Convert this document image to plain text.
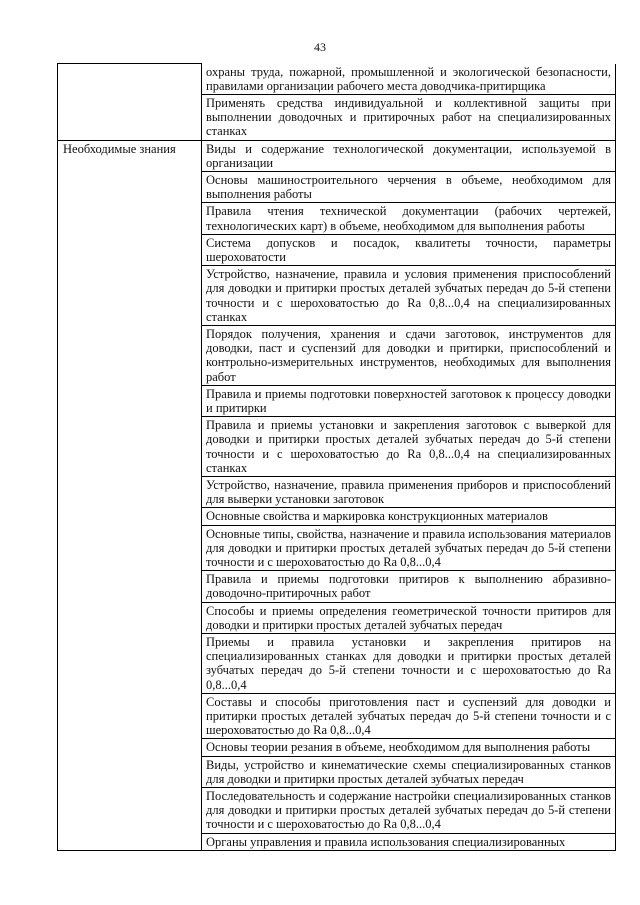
43
	охраны труда, пожарной, промышленной и экологической безопасности, правилами организации рабочего места доводчика-притирщика
	Применять средства индивидуальной и коллективной защиты при выполнении доводочных и притирочных работ на специализированных станках
Необходимые знания	Виды и содержание технологической документации, используемой в организации
	Основы машиностроительного черчения в объеме, необходимом для выполнения работы
	Правила чтения технической документации (рабочих чертежей, технологических карт) в объеме, необходимом для выполнения работы
	Система допусков и посадок, квалитеты точности, параметры шероховатости
	Устройство, назначение, правила и условия применения приспособлений для доводки и притирки простых деталей зубчатых передач до 5-й степени точности и с шероховатостью до Ra 0,8...0,4 на специализированных станках
	Порядок получения, хранения и сдачи заготовок, инструментов для доводки, паст и суспензий для доводки и притирки, приспособлений и контрольно-измерительных инструментов, необходимых для выполнения работ
	Правила и приемы подготовки поверхностей заготовок к процессу доводки и притирки
	Правила и приемы установки и закрепления заготовок с выверкой для доводки и притирки простых деталей зубчатых передач до 5-й степени точности и с шероховатостью до Ra 0,8...0,4 на специализированных станках
	Устройство, назначение, правила применения приборов и приспособлений для выверки установки заготовок
	Основные свойства и маркировка конструкционных материалов
	Основные типы, свойства, назначение и правила использования материалов для доводки и притирки простых деталей зубчатых передач до 5-й степени точности и с шероховатостью до Ra 0,8...0,4
	Правила и приемы подготовки притиров к выполнению абразивно-доводочно-притирочных работ
	Способы и приемы определения геометрической точности притиров для доводки и притирки простых деталей зубчатых передач
	Приемы и правила установки и закрепления притиров на специализированных станках для доводки и притирки простых деталей зубчатых передач до 5-й степени точности и с шероховатостью до Ra 0,8...0,4
	Составы и способы приготовления паст и суспензий для доводки и притирки простых деталей зубчатых передач до 5-й степени точности и с шероховатостью до Ra 0,8...0,4
	Основы теории резания в объеме, необходимом для выполнения работы
	Виды, устройство и кинематические схемы специализированных станков для доводки и притирки простых деталей зубчатых передач
	Последовательность и содержание настройки специализированных станков для доводки и притирки простых деталей зубчатых передач до 5-й степени точности и с шероховатостью до Ra 0,8...0,4
	Органы управления и правила использования специализированных
